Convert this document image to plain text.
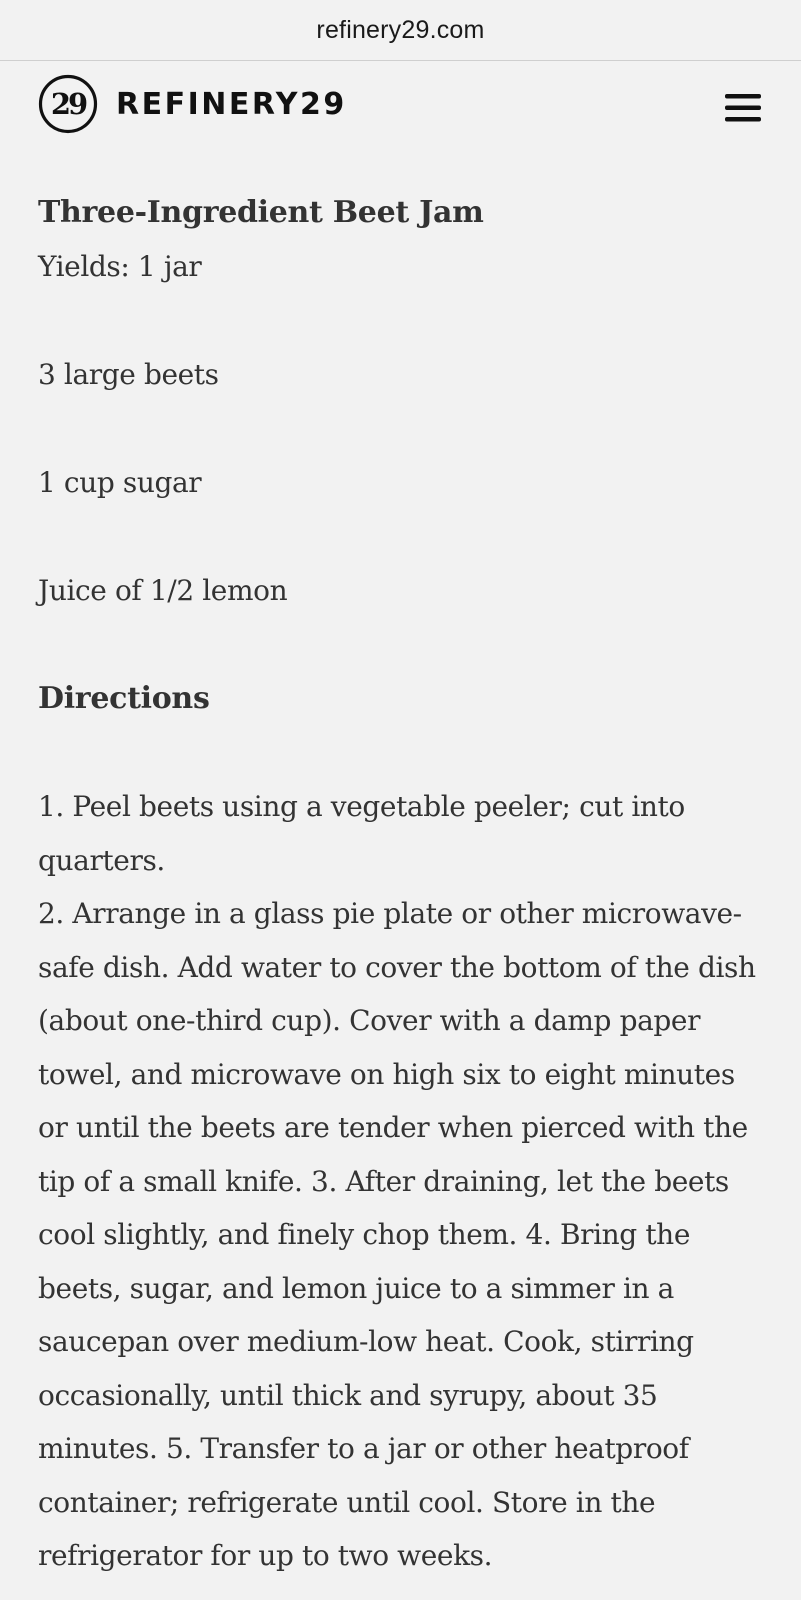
refinery29.com
29 REFINERY29
Three-Ingredient Beet Jam

Yields: 1 jar

3 large beets

1 cup sugar

Juice of 1/2 lemon

Directions

1. Peel beets using a vegetable peeler; cut into quarters.
2. Arrange in a glass pie plate or other microwave-safe dish. Add water to cover the bottom of the dish (about one-third cup). Cover with a damp paper towel, and microwave on high six to eight minutes or until the beets are tender when pierced with the tip of a small knife. 3. After draining, let the beets cool slightly, and finely chop them. 4. Bring the beets, sugar, and lemon juice to a simmer in a saucepan over medium-low heat. Cook, stirring occasionally, until thick and syrupy, about 35 minutes. 5. Transfer to a jar or other heatproof container; refrigerate until cool. Store in the refrigerator for up to two weeks.
